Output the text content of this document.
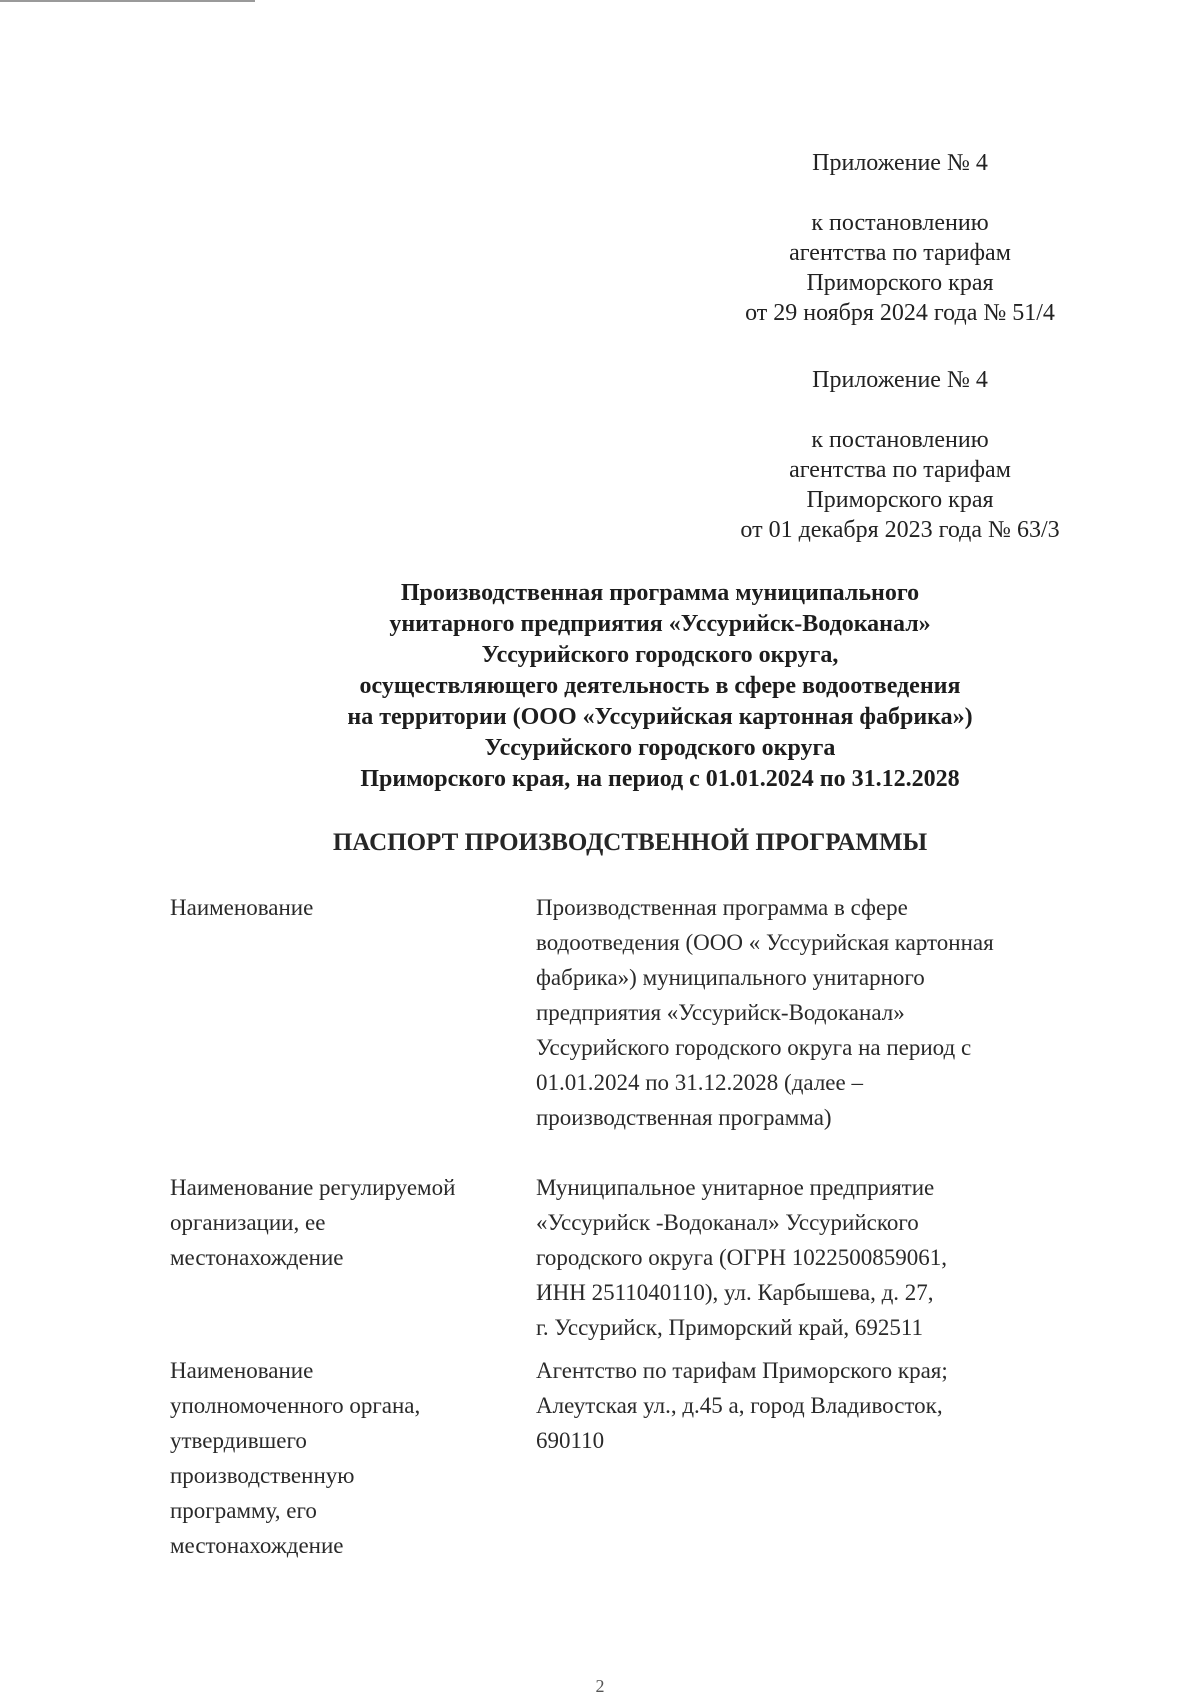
Приложение № 4
к постановлению
агентства по тарифам
Приморского края
от 29 ноября 2024 года № 51/4
Приложение № 4
к постановлению
агентства по тарифам
Приморского края
от 01 декабря 2023 года № 63/3
Производственная программа муниципального
унитарного предприятия «Уссурийск-Водоканал»
Уссурийского городского округа,
осуществляющего деятельность в сфере водоотведения
на территории (ООО «Уссурийская картонная фабрика»)
Уссурийского городского округа
Приморского края, на период с 01.01.2024 по 31.12.2028
ПАСПОРТ ПРОИЗВОДСТВЕННОЙ ПРОГРАММЫ
Наименование	Производственная программа в сфере
водоотведения (ООО « Уссурийская картонная
фабрика») муниципального унитарного
предприятия «Уссурийск-Водоканал»
Уссурийского городского округа на период с
01.01.2024 по 31.12.2028 (далее –
производственная программа)
Наименование регулируемой
организации, ее
местонахождение
Муниципальное унитарное предприятие
«Уссурийск -Водоканал» Уссурийского
городского округа (ОГРН 1022500859061,
ИНН 2511040110), ул. Карбышева, д. 27,
г. Уссурийск, Приморский край, 692511
Наименование
уполномоченного органа,
утвердившего
производственную
программу, его
местонахождение
Агентство по тарифам Приморского края;
Алеутская ул., д.45 а, город Владивосток,
690110
2
